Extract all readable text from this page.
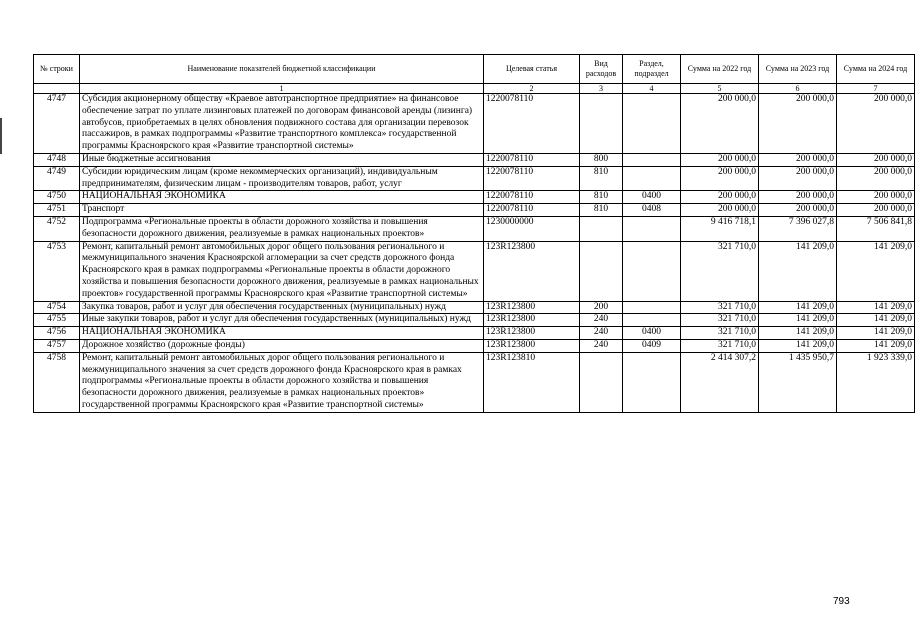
№ строки	Наименование показателей бюджетной классификации	Целевая статья	Вид расходов	Раздел, подраздел	Сумма на 2022 год	Сумма на 2023 год	Сумма на 2024 год
	1	2	3	4	5	6	7
4747	Субсидия акционерному обществу «Краевое автотранспортное предприятие» на финансовое обеспечение затрат по уплате лизинговых платежей по договорам финансовой аренды (лизинга) автобусов, приобретаемых в целях обновления подвижного состава для организации перевозок пассажиров, в рамках подпрограммы «Развитие транспортного комплекса» государственной программы Красноярского края «Развитие транспортной системы»	1220078110			200 000,0	200 000,0	200 000,0
4748	Иные бюджетные ассигнования	1220078110	800		200 000,0	200 000,0	200 000,0
4749	Субсидии юридическим лицам (кроме некоммерческих организаций), индивидуальным предпринимателям, физическим лицам - производителям товаров, работ, услуг	1220078110	810		200 000,0	200 000,0	200 000,0
4750	НАЦИОНАЛЬНАЯ ЭКОНОМИКА	1220078110	810	0400	200 000,0	200 000,0	200 000,0
4751	Транспорт	1220078110	810	0408	200 000,0	200 000,0	200 000,0
4752	Подпрограмма «Региональные проекты в области дорожного хозяйства и повышения безопасности дорожного движения, реализуемые в рамках национальных проектов»	1230000000			9 416 718,1	7 396 027,8	7 506 841,8
4753	Ремонт, капитальный ремонт автомобильных дорог общего пользования регионального и межмуниципального значения Красноярской агломерации за счет средств дорожного фонда Красноярского края в рамках подпрограммы «Региональные проекты в области дорожного хозяйства и повышения безопасности дорожного движения, реализуемые в рамках национальных проектов» государственной программы Красноярского края «Развитие транспортной системы»	123R123800			321 710,0	141 209,0	141 209,0
4754	Закупка товаров, работ и услуг для обеспечения государственных (муниципальных) нужд	123R123800	200		321 710,0	141 209,0	141 209,0
4755	Иные закупки товаров, работ и услуг для обеспечения государственных (муниципальных) нужд	123R123800	240		321 710,0	141 209,0	141 209,0
4756	НАЦИОНАЛЬНАЯ ЭКОНОМИКА	123R123800	240	0400	321 710,0	141 209,0	141 209,0
4757	Дорожное хозяйство (дорожные фонды)	123R123800	240	0409	321 710,0	141 209,0	141 209,0
4758	Ремонт, капитальный ремонт автомобильных дорог общего пользования регионального и межмуниципального значения за счет средств дорожного фонда Красноярского края в рамках подпрограммы «Региональные проекты в области дорожного хозяйства и повышения безопасности дорожного движения, реализуемые в рамках национальных проектов» государственной программы Красноярского края «Развитие транспортной системы»	123R123810			2 414 307,2	1 435 950,7	1 923 339,0
793
